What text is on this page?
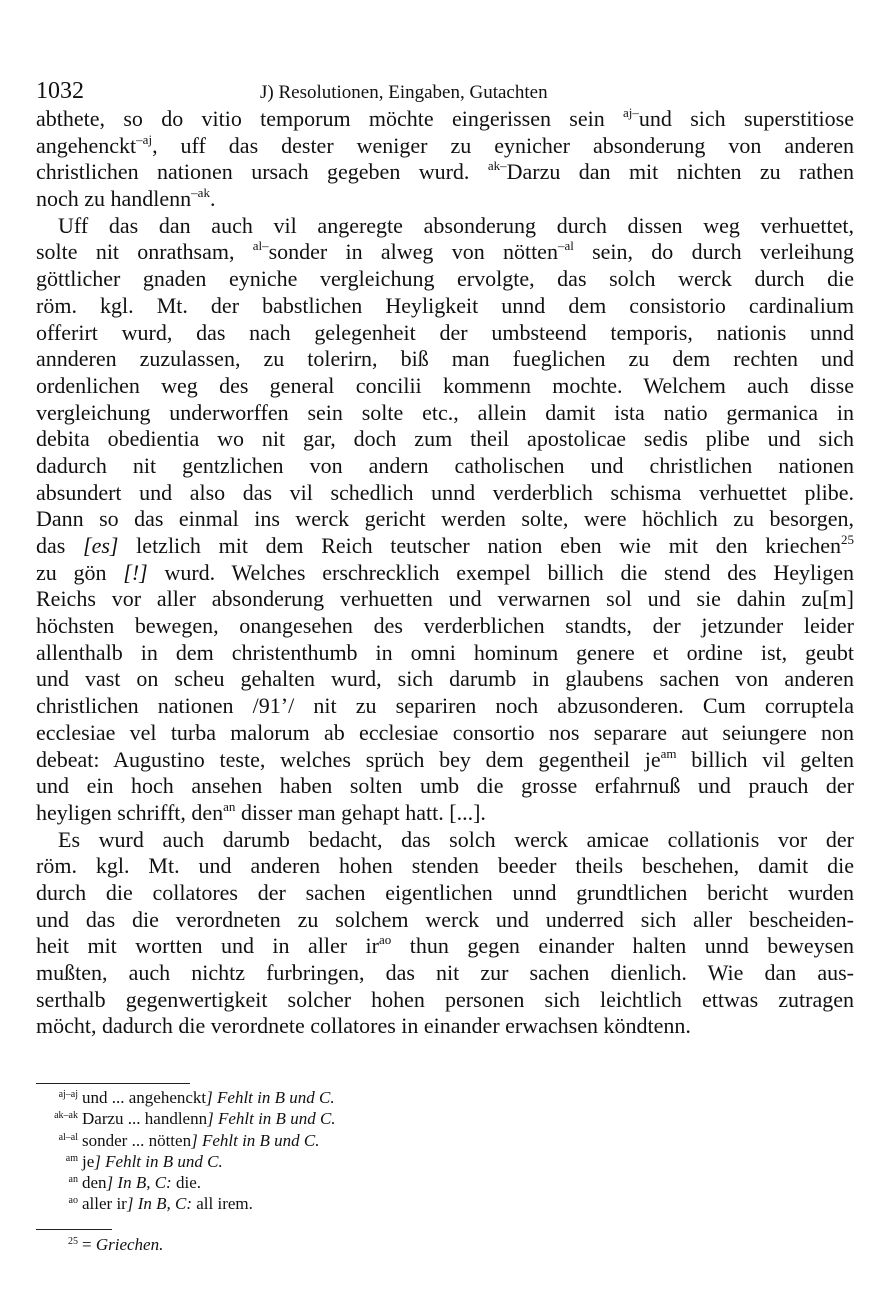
1032	J) Resolutionen, Eingaben, Gutachten
abthete, so do vitio temporum möchte eingerissen sein $^{aj-}$und sich superstitiose
angehenckt$^{-aj}$, uff das dester weniger zu eynicher absonderung von anderen
christlichen nationen ursach gegeben wurd. $^{ak-}$Darzu dan mit nichten zu rathen
noch zu handlenn$^{-ak}$.
Uff das dan auch vil angeregte absonderung durch dissen weg verhuettet,
solte nit onrathsam, $^{al-}$sonder in alweg von nötten$^{-al}$ sein, do durch verleihung
göttlicher gnaden eyniche vergleichung ervolgte, das solch werck durch die
röm. kgl. Mt. der babstlichen Heyligkeit unnd dem consistorio cardinalium
offerirt wurd, das nach gelegenheit der umbsteend temporis, nationis unnd
annderen zuzulassen, zu tolerirn, biß man fueglichen zu dem rechten und
ordenlichen weg des general concilii kommenn mochte. Welchem auch disse
vergleichung underworffen sein solte etc., allein damit ista natio germanica in
debita obedientia wo nit gar, doch zum theil apostolicae sedis plibe und sich
dadurch nit gentzlichen von andern catholischen und christlichen nationen
absundert und also das vil schedlich unnd verderblich schisma verhuettet plibe.
Dann so das einmal ins werck gericht werden solte, were höchlich zu besorgen,
das [es] letzlich mit dem Reich teutscher nation eben wie mit den kriechen$^{25}$
zu gön [!] wurd. Welches erschrecklich exempel billich die stend des Heyligen
Reichs vor aller absonderung verhuetten und verwarnen sol und sie dahin zu[m]
höchsten bewegen, onangesehen des verderblichen standts, der jetzunder leider
allenthalb in dem christenthumb in omni hominum genere et ordine ist, geubt
und vast on scheu gehalten wurd, sich darumb in glaubens sachen von anderen
christlichen nationen /91’/ nit zu separiren noch abzusonderen. Cum corruptela
ecclesiae vel turba malorum ab ecclesiae consortio nos separare aut seiungere non
debeat: Augustino teste, welches sprüch bey dem gegentheil $je^{am}$ billich vil gelten
und ein hoch ansehen haben solten umb die grosse erfahrnuß und prauch der
heyligen schrifft, den$^{an}$ disser man gehapt hatt. [...].
Es wurd auch darumb bedacht, das solch werck amicae collationis vor der
röm. kgl. Mt. und anderen hohen stenden beeder theils beschehen, damit die
durch die collatores der sachen eigentlichen unnd grundtlichen bericht wurden
und das die verordneten zu solchem werck und underred sich aller bescheiden-
heit mit wortten und in aller $ir^{ao}$ thun gegen einander halten unnd beweysen
mußten, auch nichtz furbringen, das nit zur sachen dienlich. Wie dan aus-
serthalb gegenwertigkeit solcher hohen personen sich leichtlich ettwas zutragen
möcht, dadurch die verordnete collatores in einander erwachsen köndtenn.
$^{aj-aj}$ und ... angehenckt] Fehlt in B und C.
$^{ak-ak}$ Darzu ... handlenn] Fehlt in B und C.
$^{al-al}$ sonder ... nötten] Fehlt in B und C.
$^{am}$ je] Fehlt in B und C.
$^{an}$ den] In B, C: die.
$^{ao}$ aller ir] In B, C: all irem.
$^{25}$ = Griechen.
